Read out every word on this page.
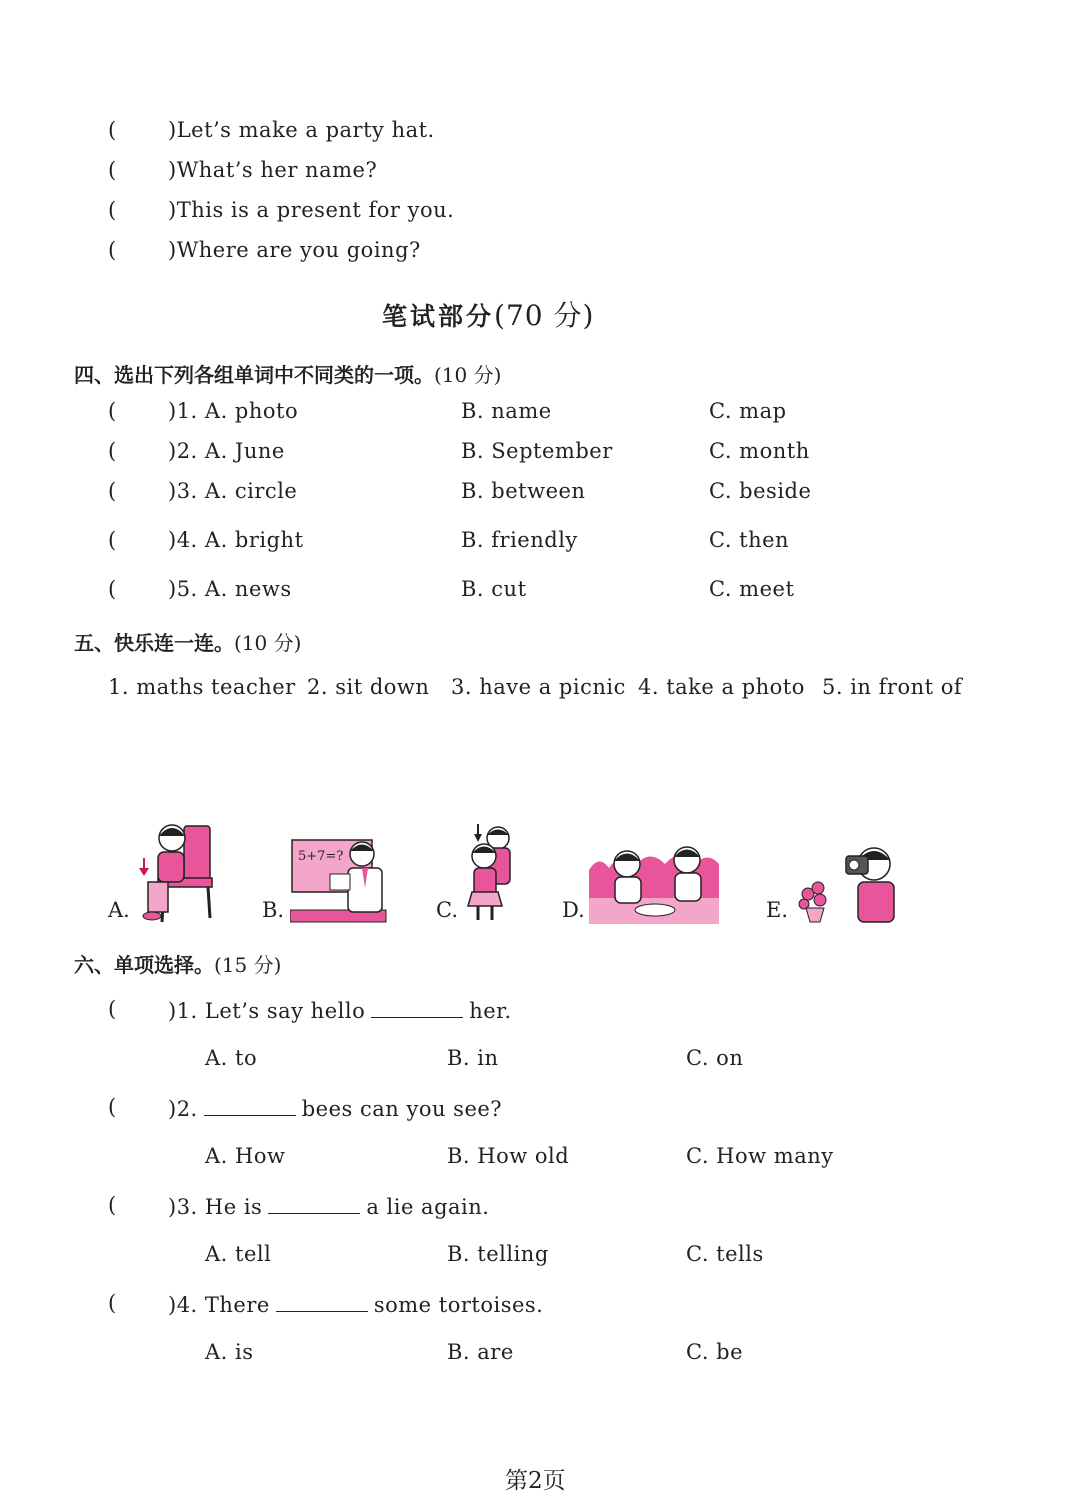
( )Let’s make a party hat.
( )What’s her name?
( )This is a present for you.
( )Where are you going?
笔试部分(70 分)
四、选出下列各组单词中不同类的一项。(10 分)
( )1. A. photo	B. name	C. map
( )2. A. June	B. September	C. month
( )3. A. circle	B. between	C. beside
( )4. A. bright	B. friendly	C. then
( )5. A. news	B. cut	C. meet
五、快乐连一连。(10 分)
1. maths teacher 2. sit down 3. have a picnic 4. take a photo 5. in front of
A.	B.
5+7=?
C.	D.	E.
六、单项选择。(15 分)
( )1. Let’s say hello	her.
A. to	B. in	C. on
( )2.	bees can you see?
A. How	B. How old	C. How many
( )3. He is	a lie again.
A. tell	B. telling	C. tells
( )4. There	some tortoises.
A. is	B. are	C. be
第2页
